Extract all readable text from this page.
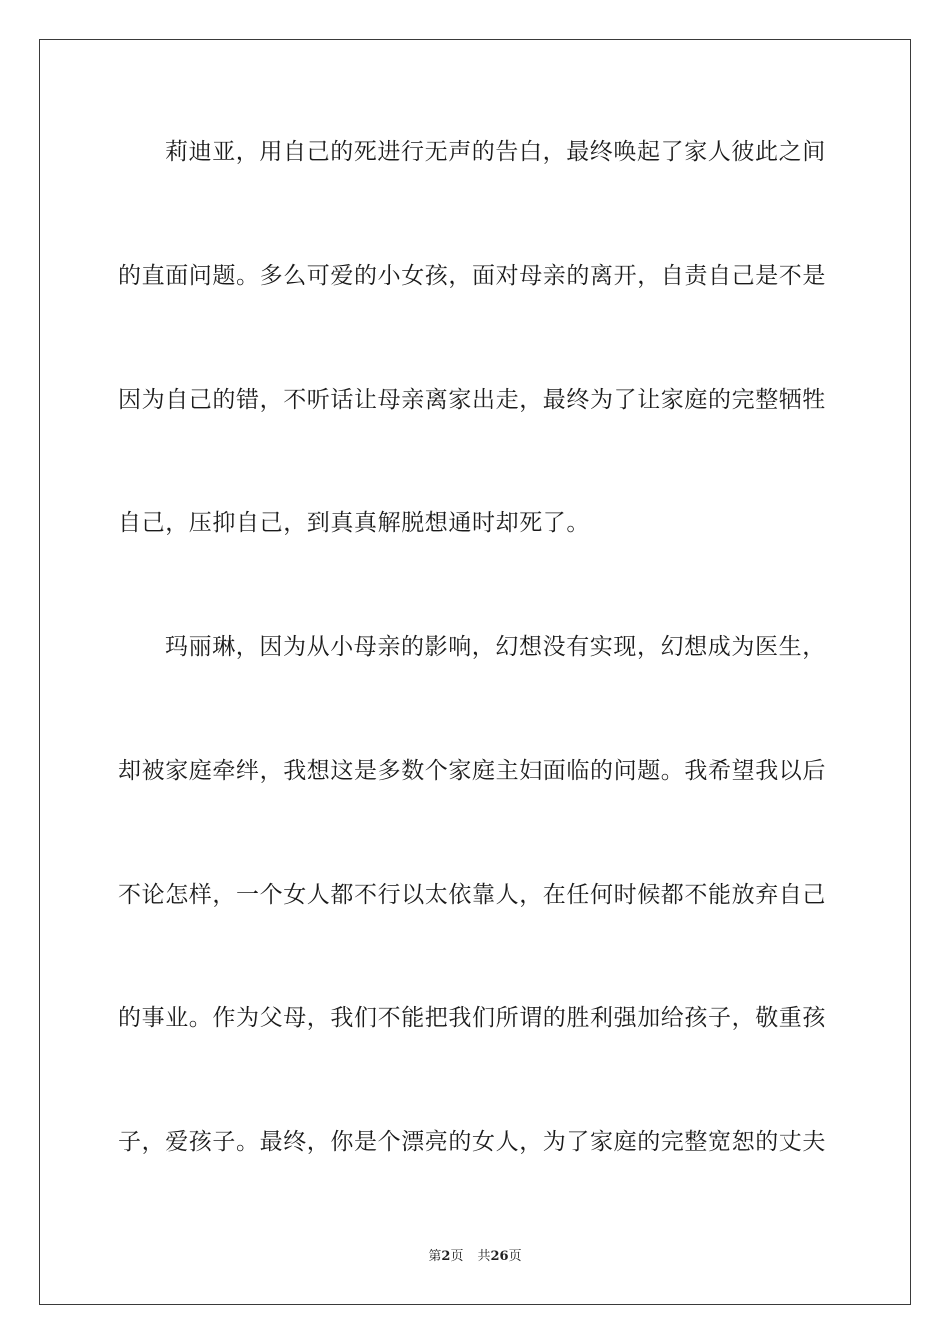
莉迪亚，用自己的死进行无声的告白，最终唤起了家人彼此之间
的直面问题。多么可爱的小女孩，面对母亲的离开，自责自己是不是
因为自己的错，不听话让母亲离家出走，最终为了让家庭的完整牺牲
自己，压抑自己，到真真解脱想通时却死了。
玛丽琳，因为从小母亲的影响，幻想没有实现，幻想成为医生，
却被家庭牵绊，我想这是多数个家庭主妇面临的问题。我希望我以后
不论怎样，一个女人都不行以太依靠人，在任何时候都不能放弃自己
的事业。作为父母，我们不能把我们所谓的胜利强加给孩子，敬重孩
子，爱孩子。最终，你是个漂亮的女人，为了家庭的完整宽恕的丈夫
第2页 共26页
